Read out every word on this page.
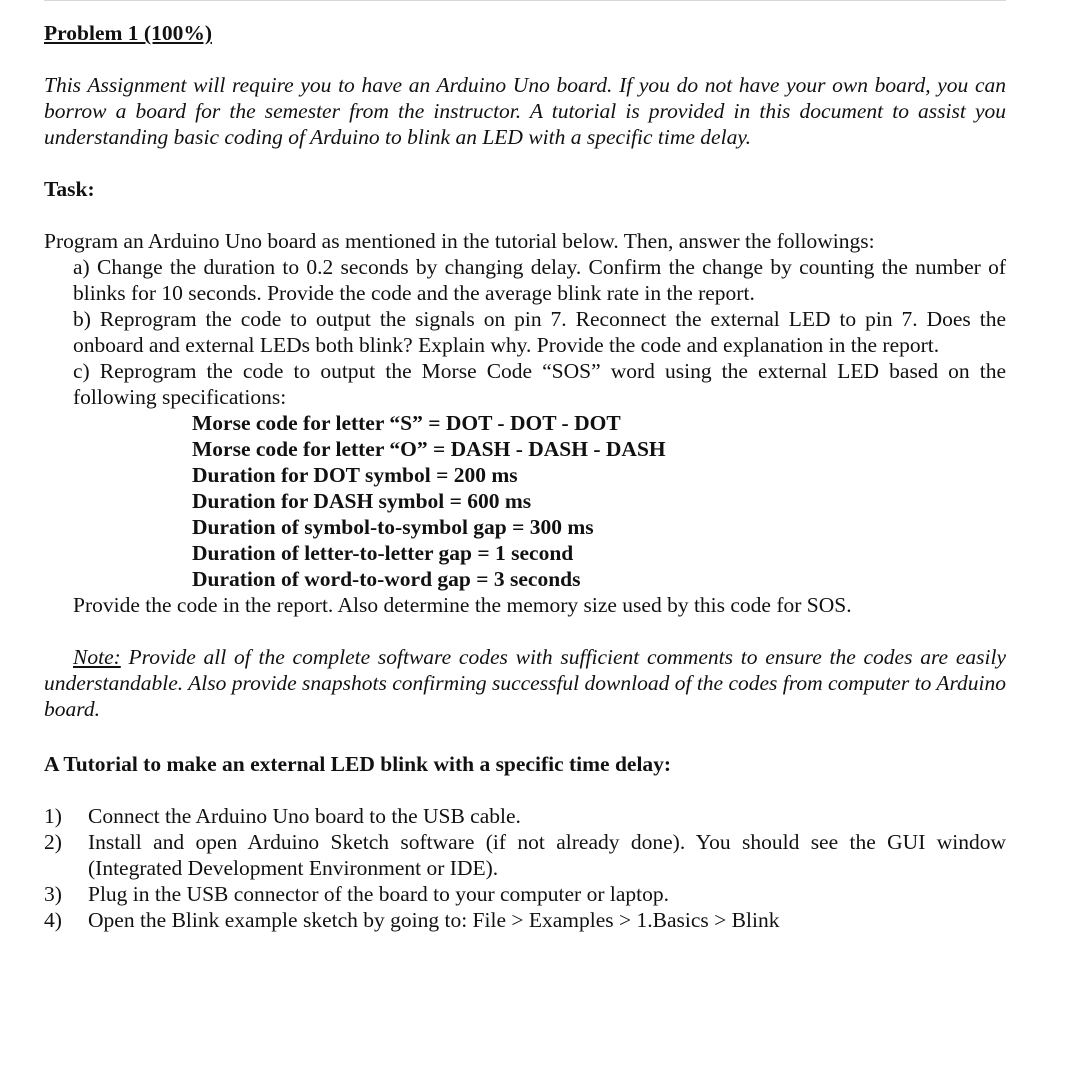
Problem 1 (100%)
This Assignment will require you to have an Arduino Uno board. If you do not have your own board, you can borrow a board for the semester from the instructor. A tutorial is provided in this document to assist you understanding basic coding of Arduino to blink an LED with a specific time delay.
Task:
Program an Arduino Uno board as mentioned in the tutorial below. Then, answer the followings:
a) Change the duration to 0.2 seconds by changing delay. Confirm the change by counting the number of blinks for 10 seconds. Provide the code and the average blink rate in the report.
b) Reprogram the code to output the signals on pin 7. Reconnect the external LED to pin 7. Does the onboard and external LEDs both blink? Explain why. Provide the code and explanation in the report.
c) Reprogram the code to output the Morse Code “SOS” word using the external LED based on the following specifications:
Morse code for letter “S” = DOT - DOT - DOT
Morse code for letter “O” = DASH - DASH - DASH
Duration for DOT symbol = 200 ms
Duration for DASH symbol = 600 ms
Duration of symbol-to-symbol gap = 300 ms
Duration of letter-to-letter gap = 1 second
Duration of word-to-word gap = 3 seconds
Provide the code in the report. Also determine the memory size used by this code for SOS.
Note: Provide all of the complete software codes with sufficient comments to ensure the codes are easily understandable. Also provide snapshots confirming successful download of the codes from computer to Arduino board.
A Tutorial to make an external LED blink with a specific time delay:
1) Connect the Arduino Uno board to the USB cable.
2) Install and open Arduino Sketch software (if not already done). You should see the GUI window (Integrated Development Environment or IDE).
3) Plug in the USB connector of the board to your computer or laptop.
4) Open the Blink example sketch by going to: File > Examples > 1.Basics > Blink
